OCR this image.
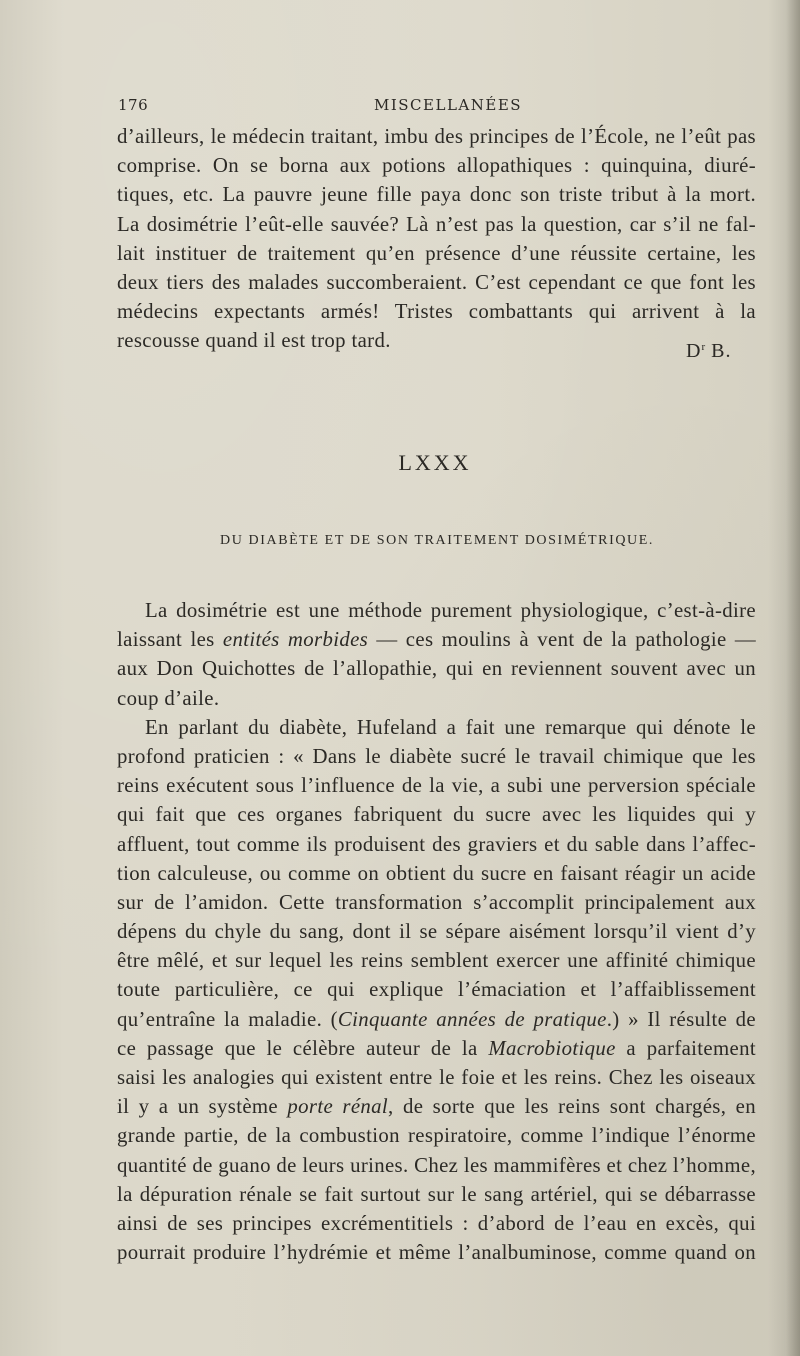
176	MISCELLANÉES
d’ailleurs, le médecin traitant, imbu des principes de l’École, ne l’eût pas
comprise. On se borna aux potions allopathiques : quinquina, diuré-
tiques, etc. La pauvre jeune fille paya donc son triste tribut à la mort.
La dosimétrie l’eût-elle sauvée? Là n’est pas la question, car s’il ne fal-
lait instituer de traitement qu’en présence d’une réussite certaine, les
deux tiers des malades succomberaient. C’est cependant ce que font les
médecins expectants armés! Tristes combattants qui arrivent à la
rescousse quand il est trop tard.	$D^r$ B.
LXXX
DU DIABÈTE ET DE SON TRAITEMENT DOSIMÉTRIQUE.
La dosimétrie est une méthode purement physiologique, c’est-à-dire
laissant les entités morbides — ces moulins à vent de la pathologie —
aux Don Quichottes de l’allopathie, qui en reviennent souvent avec un
coup d’aile.
En parlant du diabète, Hufeland a fait une remarque qui dénote le
profond praticien : « Dans le diabète sucré le travail chimique que les
reins exécutent sous l’influence de la vie, a subi une perversion spéciale
qui fait que ces organes fabriquent du sucre avec les liquides qui y
affluent, tout comme ils produisent des graviers et du sable dans l’affec-
tion calculeuse, ou comme on obtient du sucre en faisant réagir un acide
sur de l’amidon. Cette transformation s’accomplit principalement aux
dépens du chyle du sang, dont il se sépare aisément lorsqu’il vient d’y
être mêlé, et sur lequel les reins semblent exercer une affinité chimique
toute particulière, ce qui explique l’émaciation et l’affaiblissement
qu’entraîne la maladie. (Cinquante années de pratique.) » Il résulte de
ce passage que le célèbre auteur de la Macrobiotique a parfaitement
saisi les analogies qui existent entre le foie et les reins. Chez les oiseaux
il y a un système porte rénal, de sorte que les reins sont chargés, en
grande partie, de la combustion respiratoire, comme l’indique l’énorme
quantité de guano de leurs urines. Chez les mammifères et chez l’homme,
la dépuration rénale se fait surtout sur le sang artériel, qui se débarrasse
ainsi de ses principes excrémentitiels : d’abord de l’eau en excès, qui
pourrait produire l’hydrémie et même l’analbuminose, comme quand on
